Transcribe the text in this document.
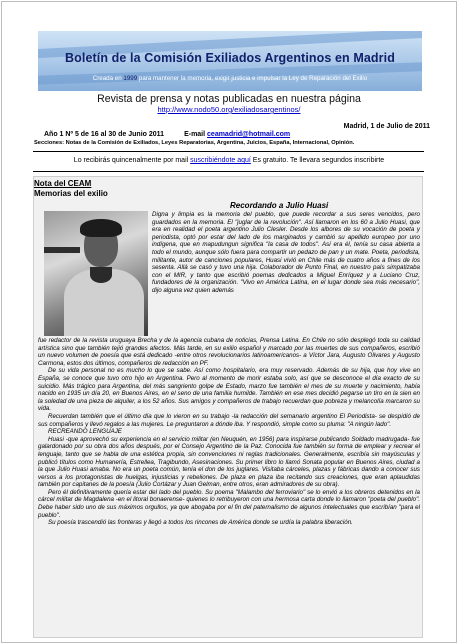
Boletín de la Comisión Exiliados Argentinos en Madrid
Creada en 1999 para mantener la memoria, exigir justicia e impulsar la Ley de Reparación del Exilio
Revista de prensa y notas publicadas en nuestra página
http://www.nodo50.org/exiliadosargentinos/
Madrid, 1 de Julio de 2011
Año 1 Nº 5 de 16 al 30 de Junio 2011	E-mail ceamadrid@hotmail.com
Secciones: Notas de la Comisión de Exiliados, Leyes Reparatorias, Argentina, Juicios, España, Internacional, Opinión.
Lo recibirás quincenalmente por mail suscribiéndote aquí Es gratuito. Te llevara segundos inscribirte
Nota del CEAM
Memorias del exilio
Recordando a Julio Huasi

Digna y limpia es la memoria del pueblo, que puede recordar a sus seres vencidos, pero guardados en la memoria. El "juglar de la revolución". Así llamaron en los 60 a Julio Huasi, que era en realidad el poeta argentino Julio Clesler. Desde los albores de su vocación de poeta y periodista, optó por estar del lado de los marginados y cambió su apellido europeo por uno indígena, que en mapudungun significa "la casa de todos". Así era él, tenía su casa abierta a todo el mundo, aunque sólo fuera para compartir un pedazo de pan y un mate. Poeta, periodista, militante, autor de canciones populares, Huasi vivió en Chile más de cuatro años a fines de los sesenta. Allá se casó y tuvo una hija. Colaborador de Punto Final, en nuestro país simpatizaba con el MIR, y tanto que escribió poemas dedicados a Miguel Enríquez y a Luciano Cruz, fundadores de la organización. "Vivo en América Latina, en el lugar donde sea más necesario", dijo alguna vez quien además

fue redactor de la revista uruguaya Brecha y de la agencia cubana de noticias, Prensa Latina. En Chile no sólo desplegó toda su calidad artística sino que también tejió grandes afectos. Más tarde, en su exilio español y marcado por las muertes de sus compañeros, escribió un nuevo volumen de poesía que está dedicado -entre otros revolucionarios latinoamericanos- a Víctor Jara, Augusto Olivares y Augusto Carmona, estos dos últimos, compañeros de redacción en PF.

De su vida personal no es mucho lo que se sabe. Así como hospitalario, era muy reservado. Además de su hija, que hoy vive en España, se conoce que tuvo otro hijo en Argentina. Pero al momento de morir estaba solo, así que se desconoce el día exacto de su suicidio. Más trágico para Argentina, del más sangriento golpe de Estado, marzo fue también el mes de su muerte y nacimiento, había nacido en 1935 un día 20, en Buenos Aires, en el seno de una familia humilde. También en ese mes decidió pegarse un tiro en la sien en la soledad de una pieza de alquiler, a los 52 años. Sus amigos y compañeros de trabajo recuerdan que pobreza y melancolía marcaron su vida.

Recuerdan también que el último día que lo vieron en su trabajo -la redacción del semanario argentino El Periodista- se despidió de sus compañeros y llevó regalos a las mujeres. Le preguntaron a dónde iba. Y respondió, simple como su pluma: "A ningún lado".

RECREANDO LENGUAJE

Huasi -que aprovechó su experiencia en el servicio militar (en Neuquén, en 1956) para inspirarse publicando Soldado madrugada- fue galardonado por su obra dos años después, por el Consejo Argentino de la Paz. Conocida fue también su forma de emplear y recrear el lenguaje, tanto que se habla de una estética propia, sin convenciones ni reglas tradicionales. Generalmente, escribía sin mayúsculas y publicó títulos como Humanería, Estrellea, Tragibundo, Asesinaciones. Su primer libro lo llamó Sonata popular en Buenos Aires, ciudad a la que Julio Huasi amaba. No era un poeta común, tenía el don de los juglares. Visitaba cárceles, plazas y fábricas dando a conocer sus versos a los protagonistas de huelgas, injusticias y rebeliones. De plaza en plaza iba recitando sus creaciones, que eran aplaudidas también por capitanes de la poesía (Julio Cortázar y Juan Gelman, entre otros, eran admiradores de su obra).

Pero él definitivamente quería estar del lado del pueblo. Su poema "Malambo del ferroviario" se lo envió a los obreros detenidos en la cárcel militar de Magdalena -en el litoral bonaerense- quienes lo retribuyeron con una hermosa carta donde lo llamaron "poeta del pueblo". Debe haber sido uno de sus máximos orgullos, ya que abogaba por el fin del paternalismo de algunos intelectuales que escribían "para el pueblo".

Su poesía trascendió las fronteras y llegó a todos los rincones de América donde se urdía la palabra liberación.
